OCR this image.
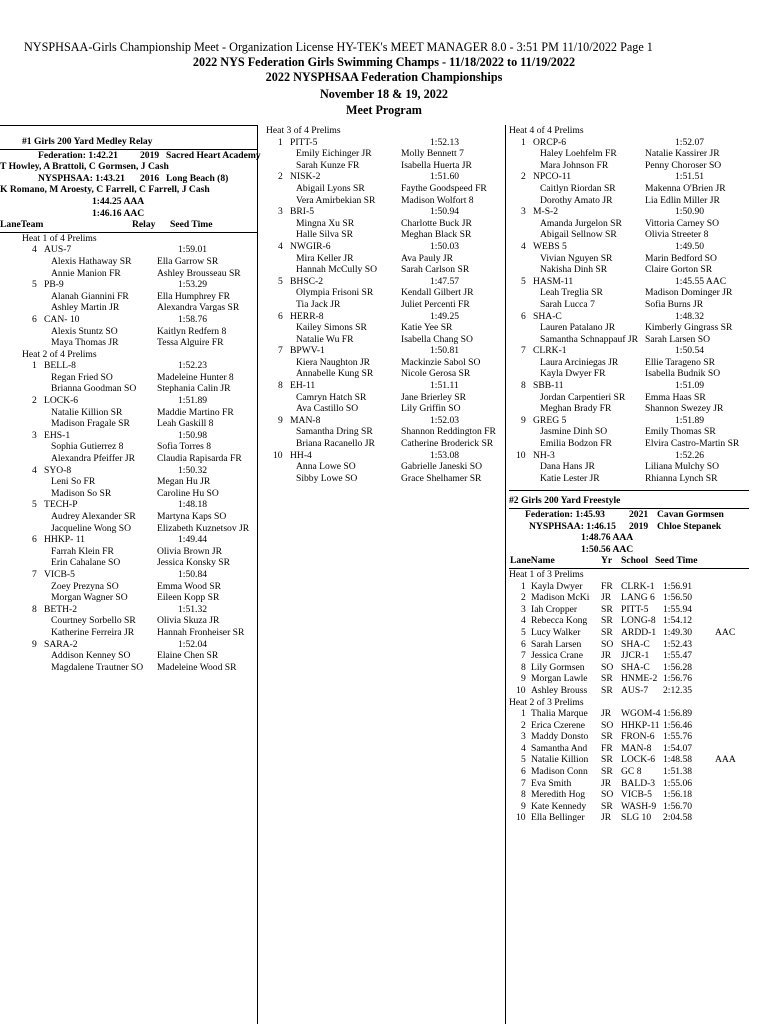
NYSPHSAA-Girls Championship Meet - Organization License HY-TEK's MEET MANAGER 8.0 - 3:51 PM 11/10/2022 Page 1
2022 NYS Federation Girls Swimming Champs - 11/18/2022 to 11/19/2022
2022 NYSPHSAA Federation Championships
November 18 & 19, 2022
Meet Program
#1 Girls 200 Yard Medley Relay
Federation: 1:42.21 2019 Sacred Heart Academy
T Howley, A Brattoli, C Gormsen, J Cash
NYSPHSAA: 1:43.21 2016 Long Beach (8)
K Romano, M Aroesty, C Farrell, C Farrell, J Cash
1:44.25 AAA
1:46.16 AAC
LaneTeam	Relay Seed Time
Heat 1 of 4 Prelims
4 AUS-7	1:59.01
Alexis Hathaway SR	Ella Garrow SR
Annie Manion FR	Ashley Brousseau SR
5 PB-9	1:53.29
Alanah Giannini FR	Ella Humphrey FR
Ashley Martin JR	Alexandra Vargas SR
6 CAN- 10	1:58.76
Alexis Stuntz SO	Kaitlyn Redfern 8
Maya Thomas JR	Tessa Alguire FR
Heat 2 of 4 Prelims
1 BELL-8	1:52.23
Regan Fried SO	Madeleine Hunter 8
Brianna Goodman SO Stephania Calin JR
2 LOCK-6	1:51.89
Natalie Killion SR	Maddie Martino FR
Madison Fragale SR	Leah Gaskill 8
3 EHS-1	1:50.98
Sophia Gutierrez 8	Sofia Torres 8
Alexandra Pfeiffer JR Claudia Rapisarda FR
4 SYO-8	1:50.32
Leni So FR	Megan Hu JR
Madison So SR	Caroline Hu SO
5 TECH-P	1:48.18
Audrey Alexander SR Martyna Kaps SO
Jacqueline Wong SO	Elizabeth Kuznetsov JR
6 HHKP- 11	1:49.44
Farrah Klein FR	Olivia Brown JR
Erin Cahalane SO	Jessica Konsky SR
7 VICB-5	1:50.84
Zoey Prezyna SO	Emma Wood SR
Morgan Wagner SO	Eileen Kopp SR
8 BETH-2	1:51.32
Courtney Sorbello SR Olivia Skuza JR
Katherine Ferreira JR Hannah Fronheiser SR
9 SARA-2	1:52.04
Addison Kenney SO	Elaine Chen SR
Magdalene Trautner SO Madeleine Wood SR
Heat 3 of 4 Prelims
1 PITT-5	1:52.13
Emily Eichinger JR	Molly Bennett 7
Sarah Kunze FR	Isabella Huerta JR
2 NISK-2	1:51.60
Abigail Lyons SR	Faythe Goodspeed FR
Vera Amirbekian SR	Madison Wolfort 8
3 BRI-5	1:50.94
Mingna Xu SR	Charlotte Buck JR
Halle Silva SR	Meghan Black SR
4 NWGIR-6	1:50.03
Mira Keller JR	Ava Pauly JR
Hannah McCully SO Sarah Carlson SR
5 BHSC-2	1:47.57
Olympia Frisoni SR	Kendall Gilbert JR
Tia Jack JR	Juliet Percenti FR
6 HERR-8	1:49.25
Kailey Simons SR	Katie Yee SR
Natalie Wu FR	Isabella Chang SO
7 BPWV-1	1:50.81
Kiera Naughton JR	Mackinzie Sabol SO
Annabelle Kung SR	Nicole Gerosa SR
8 EH-11	1:51.11
Camryn Hatch SR	Jane Brierley SR
Ava Castillo SO	Lily Griffin SO
9 MAN-8	1:52.03
Samantha Dring SR	Shannon Reddington FR
Briana Racanello JR	Catherine Broderick SR
10 HH-4	1:53.08
Anna Lowe SO	Gabrielle Janeski SO
Sibby Lowe SO	Grace Shelhamer SR
Heat 4 of 4 Prelims
1 ORCP-6	1:52.07
Haley Loehfelm FR	Natalie Kassirer JR
Mara Johnson FR	Penny Choroser SO
2 NPCO-11	1:51.51
Caitlyn Riordan SR	Makenna O'Brien JR
Dorothy Amato JR	Lia Edlin Miller JR
3 M-S-2	1:50.90
Amanda Jurgelon SR Vittoria Carney SO
Abigail Sellnow SR	Olivia Streeter 8
4 WEBS 5	1:49.50
Vivian Nguyen SR	Marin Bedford SO
Nakisha Dinh SR	Claire Gorton SR
5 HASM-11	1:45.55 AAC
Leah Treglia SR	Madison Dominger JR
Sarah Lucca 7	Sofia Burns JR
6 SHA-C	1:48.32
Lauren Patalano JR	Kimberly Gingrass SR
Samantha Schnappauf JR Sarah Larsen SO
7 CLRK-1	1:50.54
Laura Arciniegas JR	Ellie Tarageno SR
Kayla Dwyer FR	Isabella Budnik SO
8 SBB-11	1:51.09
Jordan Carpentieri SR Emma Haas SR
Meghan Brady FR	Shannon Swezey JR
9 GREG 5	1:51.89
Jasmine Dinh SO	Emily Thomas SR
Emilia Bodzon FR	Elvira Castro-Martin SR
10 NH-3	1:52.26
Dana Hans JR	Liliana Mulchy SO
Katie Lester JR	Rhianna Lynch SR
#2 Girls 200 Yard Freestyle
Federation: 1:45.93	2021 Cavan Gormsen
NYSPHSAA: 1:46.15 2019 Chloe Stepanek
1:48.76 AAA
1:50.56 AAC
LaneName	Yr School Seed Time
Heat 1 of 3 Prelims
1 Kayla Dwyer	FR CLRK-1 1:56.91
2 Madison McKi	JR LANG 6 1:56.50
3 Iah Cropper	SR PITT-5 1:55.94
4 Rebecca Kong	SR LONG-8 1:54.12
5 Lucy Walker	SR ARDD-1 1:49.30 AAC
6 Sarah Larsen	SO SHA-C 1:52.43
7 Jessica Crane	JR JJCR-1 1:55.47
8 Lily Gormsen	SO SHA-C 1:56.28
9 Morgan Lawle	SR HNME-2 1:56.76
10 Ashley Brouss	SR AUS-7 2:12.35
Heat 2 of 3 Prelims
1 Thalia Marque	JR WGOM-4 1:56.89
2 Erica Czerene	SO HHKP-11 1:56.46
3 Maddy Donsto	SR FRON-6 1:55.76
4 Samantha And	FR MAN-8 1:54.07
5 Natalie Killion	SR LOCK-6 1:48.58 AAA
6 Madison Conn	SR GC 8 1:51.38
7 Eva Smith	JR BALD-3 1:55.06
8 Meredith Hog	SO VICB-5 1:56.18
9 Kate Kennedy	SR WASH-9 1:56.70
10 Ella Bellinger	JR SLG 10 2:04.58
